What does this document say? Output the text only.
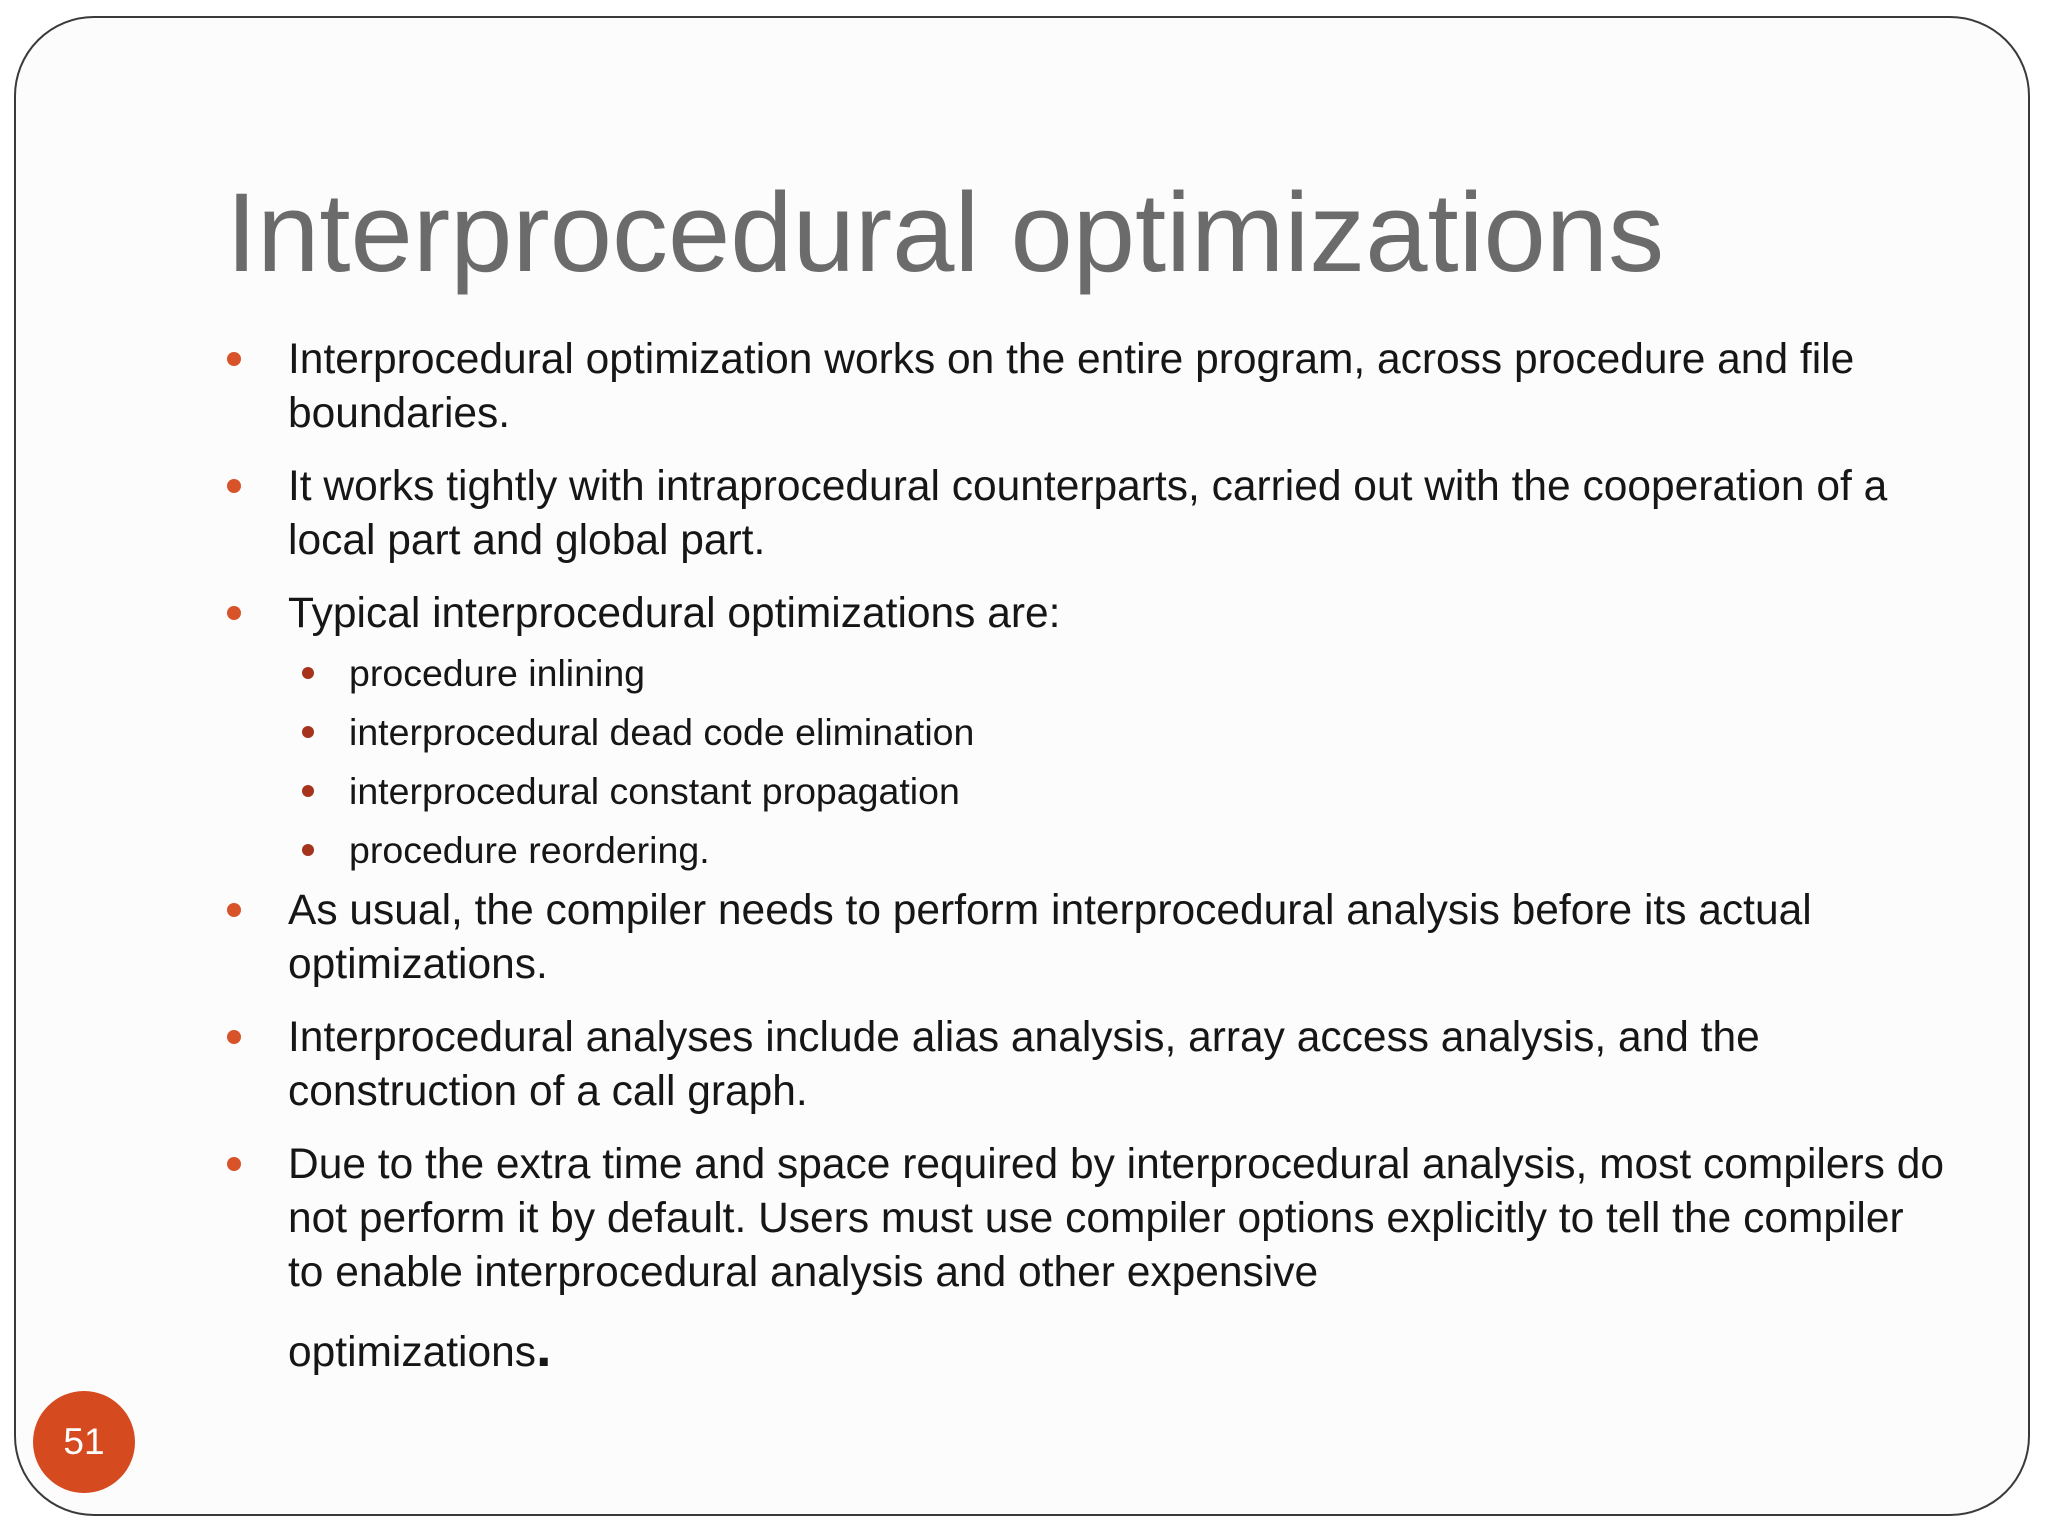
Interprocedural optimizations
Interprocedural optimization works on the entire program, across procedure and file boundaries.
It works tightly with intraprocedural counterparts, carried out with the cooperation of a local part and global part.
Typical interprocedural optimizations are:
procedure inlining
interprocedural dead code elimination
interprocedural constant propagation
procedure reordering.
As usual, the compiler needs to perform interprocedural analysis before its actual optimizations.
Interprocedural analyses include alias analysis, array access analysis, and the construction of a call graph.
Due to the extra time and space required by interprocedural analysis, most compilers do not perform it by default. Users must use compiler options explicitly to tell the compiler to enable interprocedural analysis and other expensive
optimizations.
51
